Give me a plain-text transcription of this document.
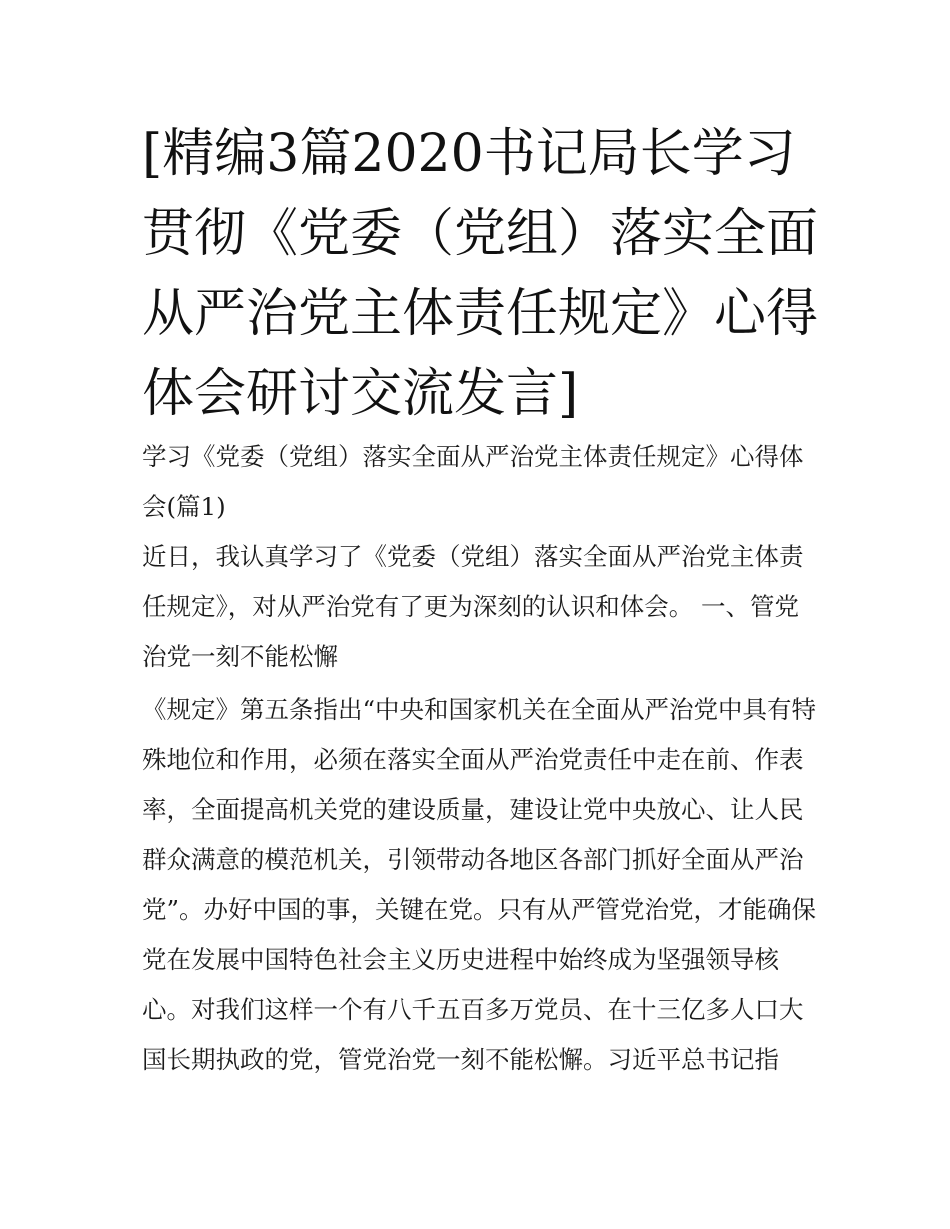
[精编3篇2020书记局长学习贯彻《党委（党组）落实全面从严治党主体责任规定》心得体会研讨交流发言]

学习《党委（党组）落实全面从严治党主体责任规定》心得体会(篇1)

近日，我认真学习了《党委（党组）落实全面从严治党主体责任规定》，对从严治党有了更为深刻的认识和体会。 一、管党治党一刻不能松懈

《规定》第五条指出“中央和国家机关在全面从严治党中具有特殊地位和作用，必须在落实全面从严治党责任中走在前、作表率，全面提高机关党的建设质量，建设让党中央放心、让人民群众满意的模范机关，引领带动各地区各部门抓好全面从严治党”。办好中国的事，关键在党。只有从严管党治党，才能确保党在发展中国特色社会主义历史进程中始终成为坚强领导核心。对我们这样一个有八千五百多万党员、在十三亿多人口大国长期执政的党，管党治党一刻不能松懈。习近平总书记指
